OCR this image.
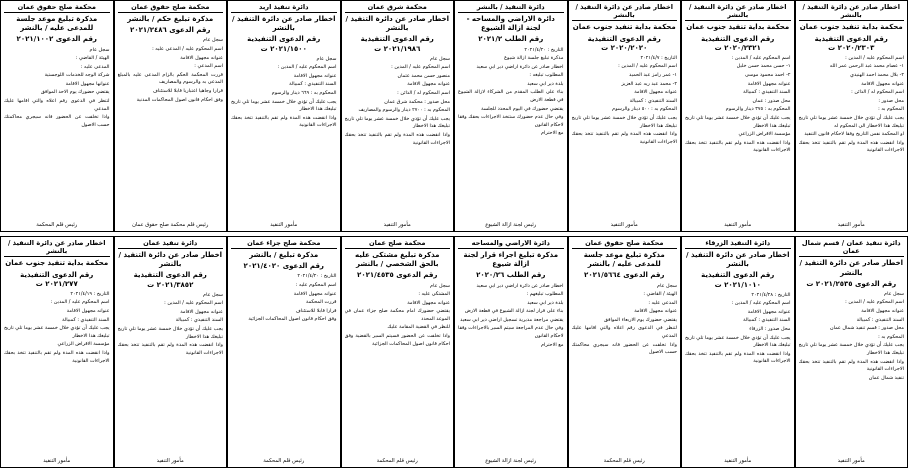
اخطار صادر عن دائرة التنفيذ / بالنشر
محكمة بداية تنفيذ جنوب عمان
رقم الدعوى التنفيذية ٢٠٢٠/٢٣٠٣ ت

اسم المحكوم عليه / المدين :

١- عصام محمد عبد الرحمن عمر الله

٢- بلال محمد احمد الهنيدي

عنوانه مجهول الاقامة

اسم المحكوم له / الدائن :

محل صدور :

المحكوم به :

يجب عليك أن تؤدي خلال خمسة عشر يوما تلي تاريخ تبليغك هذا الاخطار الى المحكوم له

او المحكمة نفس التاريخ وفقا لاحكام قانون التنفيذ

واذا انقضت هذه المدة ولم تقم بالتنفيذ تتخذ بحقك الاجراءات القانونية

مأمور التنفيذ
اخطار صادر عن دائرة التنفيذ / بالنشر
محكمة بداية تنفيذ جنوب عمان
رقم الدعوى التنفيذية ٢٠٢٠/٢٣٢١ ت

اسم المحكوم عليه / المدين :

١- حسن محمد حسن خليل

٢- احمد محمود موسى

عنوانه مجهول الاقامة

السند التنفيذي : كمبيالة

محل صدور : عمان

المحكوم به : ٣٧٥ دينار والرسوم

يجب عليك أن تؤدي خلال خمسة عشر يوما تلي تاريخ تبليغك هذا الاخطار

مؤسسة الاقراض الزراعي

واذا انقضت هذه المدة ولم تقم بالتنفيذ تتخذ بحقك الاجراءات القانونية

مأمور التنفيذ
اخطار صادر عن دائرة التنفيذ / بالنشر
محكمة بداية تنفيذ جنوب عمان
رقم الدعوى التنفيذية ٢٠٢٠/٢٠٢٠ ت

التاريخ : ٢٠٢١/٤/٧

اسم المحكوم عليه / المدين :

١- عمر رامز عبد الحميد

٢- محمد عبد ربه عبد العزيز

عنوانه مجهول الاقامة

السند التنفيذي : كمبيالة

المحكوم به : ٥٠٠ دينار والرسوم

يجب عليك أن تؤدي خلال خمسة عشر يوما تلي تاريخ تبليغك هذا الاخطار

واذا انقضت هذه المدة ولم تقم بالتنفيذ تتخذ بحقك الاجراءات القانونية

مأمور التنفيذ
دائرة التنفيذ / بالنشر
دائرة الاراضي والمساحه - لجنة ازالة الشيوع
رقم الطلب ٢٠٢١/٢

التاريخ : ٢٠٢١/٤/٢٠

مذكرة تبليغ جلسة ازالة شيوع

اخطار صادر عن دائرة اراضي دير ابي سعيد

المطلوب تبليغه :

بلدة دير ابي سعيد

بناء على الطلب المقدم من الشركاء لازالة الشيوع في قطعة الارض

يقتضي حضورك في اليوم المحدد للجلسة

وفي حال عدم حضورك ستتخذ الاجراءات بحقك وفقا لاحكام القانون

مع الاحترام

رئيس لجنة ازالة الشيوع
محكمة شرق عمان
اخطار صادر عن دائرة التنفيذ / بالنشر
رقم الدعوى التنفيذية ٢٠٢١/١٩٨٦ ت

سجل عام

اسم المحكوم عليه / المدين :

منصور حسن محمد عثمان

عنوانه مجهول الاقامة

اسم المحكوم له / الدائن :

محل صدور : محكمة شرق عمان

المحكوم به : ٢٧٠٠ دينار والرسوم والمصاريف

يجب عليك أن تؤدي خلال خمسة عشر يوما تلي تاريخ تبليغك هذا الاخطار

واذا انقضت هذه المدة ولم تقم بالتنفيذ تتخذ بحقك الاجراءات القانونية

مأمور التنفيذ
دائرة تنفيذ اربد
اخطار صادر عن دائرة التنفيذ / بالنشر
رقم الدعوى التنفيذية ٢٠٢١/١٥٠٠ ت

سجل عام

اسم المحكوم عليه / المدين :

عنوانه مجهول الاقامة

السند التنفيذي : كمبيالة

المحكوم به : ٦٦٩ دينار والرسوم

يجب عليك أن تؤدي خلال خمسة عشر يوما تلي تاريخ تبليغك هذا الاخطار

واذا انقضت هذه المدة ولم تقم بالتنفيذ تتخذ بحقك الاجراءات القانونية

مأمور التنفيذ
محكمة صلح حقوق عمان
مذكرة تبليغ حكم / بالنشر
رقم الدعوى ٢٠٢١/٢٤٨٦

سجل عام

اسم المحكوم عليه / المدعى عليه :

عنوانه مجهول الاقامة

اسم المدعي :

قررت المحكمة الحكم بالزام المدعى عليه بالمبلغ المدعى به والرسوم والمصاريف

قرارا وجاهيا اعتباريا قابلا للاستئناف

وفق احكام قانون اصول المحاكمات المدنية

رئيس قلم محكمة صلح حقوق عمان
محكمة صلح حقوق عمان
مذكرة تبليغ موعد جلسة للمدعى عليه / بالنشر
رقم الدعوى ٢٠٢١/١٠٠٢

سجل عام

الهيئة / القاضي :

المدعى عليه :

شركة الوجه للخدمات اللوجستية

عنوانها مجهول الاقامة

يقتضي حضورك يوم الاحد الموافق

لتنظر في الدعوى رقم اعلاه والتي اقامها عليك المدعي

واذا تخلفت عن الحضور فانه سيجري محاكمتك حسب الاصول

رئيس قلم المحكمة
دائرة تنفيذ عمان / قسم شمال عمان
اخطار صادر عن دائرة التنفيذ / بالنشر
رقم الدعوى ٢٠٢١/٢٥٣٥ ت

سجل عام

اسم المحكوم عليه / المدين :

عنوانه مجهول الاقامة

السند التنفيذي : كمبيالة

محل صدور : قسم تنفيذ شمال عمان

المحكوم به :

يجب عليك أن تؤدي خلال خمسة عشر يوما تلي تاريخ تبليغك هذا الاخطار

واذا انقضت هذه المدة ولم تقم بالتنفيذ تتخذ بحقك الاجراءات القانونية

تنفيذ شمال عمان

مأمور التنفيذ
دائرة التنفيذ الزرقاء
اخطار صادر عن دائرة التنفيذ / بالنشر
رقم الدعوى التنفيذية ٢٠٢١/١٠١٠ ت

التاريخ : ٢٠٢١/٤/٢٨

اسم المحكوم عليه / المدين :

عنوانه مجهول الاقامة

السند التنفيذي : كمبيالة

محل صدور : الزرقاء

يجب عليك أن تؤدي خلال خمسة عشر يوما تلي تاريخ تبليغك هذا الاخطار

واذا انقضت هذه المدة ولم تقم بالتنفيذ تتخذ بحقك الاجراءات القانونية

مأمور التنفيذ
محكمة صلح حقوق عمان
مذكرة تبليغ موعد جلسة للمدعى عليه / بالنشر
رقم الدعوى ٢٠٢١/٥٦٦٤

سجل عام

الهيئة / القاضي :

المدعى عليه :

عنوانه مجهول الاقامة

يقتضي حضورك يوم الاربعاء الموافق

لتنظر في الدعوى رقم اعلاه والتي اقامها عليك المدعي

واذا تخلفت عن الحضور فانه سيجري محاكمتك حسب الاصول

رئيس قلم المحكمة
دائرة الاراضي والمساحه
مذكرة تبليغ اجراء قرار لجنة ازالة شيوع
رقم الطلب ٢٠٢٠/٢٦

اخطار صادر عن دائرة اراضي دير ابي سعيد

المطلوب تبليغهم :

بلدة دير ابي سعيد

بناء على قرار لجنة ازالة الشيوع في قطعة الارض

يقتضي مراجعة مديرية تسجيل اراضي دير ابي سعيد

وفي حال عدم المراجعة سيتم السير بالاجراءات وفقا لاحكام القانون

مع الاحترام

رئيس لجنة ازالة الشيوع
محكمة صلح عمان
مذكرة تبليغ مشتكى عليه بالحق الشخصي / بالنشر
رقم الدعوى ٢٠٢١/٤٥٣٥

سجل عام

المشتكى عليه :

عنوانه مجهول الاقامة

يقتضي حضورك امام محكمة صلح جزاء عمان في الموعد المحدد

للنظر في القضية المقامة عليك

واذا تخلفت عن الحضور فسيتم السير بالقضية وفق احكام قانون اصول المحاكمات الجزائية

رئيس قلم المحكمة
محكمة صلح جزاء عمان
مذكرة تبليغ / بالنشر
رقم الدعوى ٢٠٢١/٤٠٢٠

التاريخ : ٢٠٢١/٤/٢٠

اسم المحكوم عليه :

عنوانه مجهول الاقامة

قررت المحكمة

قرارا قابلا للاستئناف

وفق احكام قانون اصول المحاكمات الجزائية

رئيس قلم المحكمة
دائرة تنفيذ عمان
اخطار صادر عن دائرة التنفيذ / بالنشر
رقم الدعوى التنفيذية ٢٠٢١/٣٨٥٢ ت

سجل عام

اسم المحكوم عليه / المدين :

عنوانه مجهول الاقامة

السند التنفيذي : كمبيالة

يجب عليك أن تؤدي خلال خمسة عشر يوما تلي تاريخ تبليغك هذا الاخطار

واذا انقضت هذه المدة ولم تقم بالتنفيذ تتخذ بحقك الاجراءات القانونية

مأمور التنفيذ
اخطار صادر عن دائرة التنفيذ / بالنشر
محكمة بداية تنفيذ جنوب عمان
رقم الدعوى التنفيذية ٢٠٢١/٢٧٧ ت

التاريخ : ٢٠٢١/٤/١٩

اسم المحكوم عليه / المدين :

عنوانه مجهول الاقامة

السند التنفيذي : كمبيالة

يجب عليك أن تؤدي خلال خمسة عشر يوما تلي تاريخ تبليغك هذا الاخطار

مؤسسة الاقراض الزراعي

واذا انقضت هذه المدة ولم تقم بالتنفيذ تتخذ بحقك الاجراءات القانونية

مأمور التنفيذ
